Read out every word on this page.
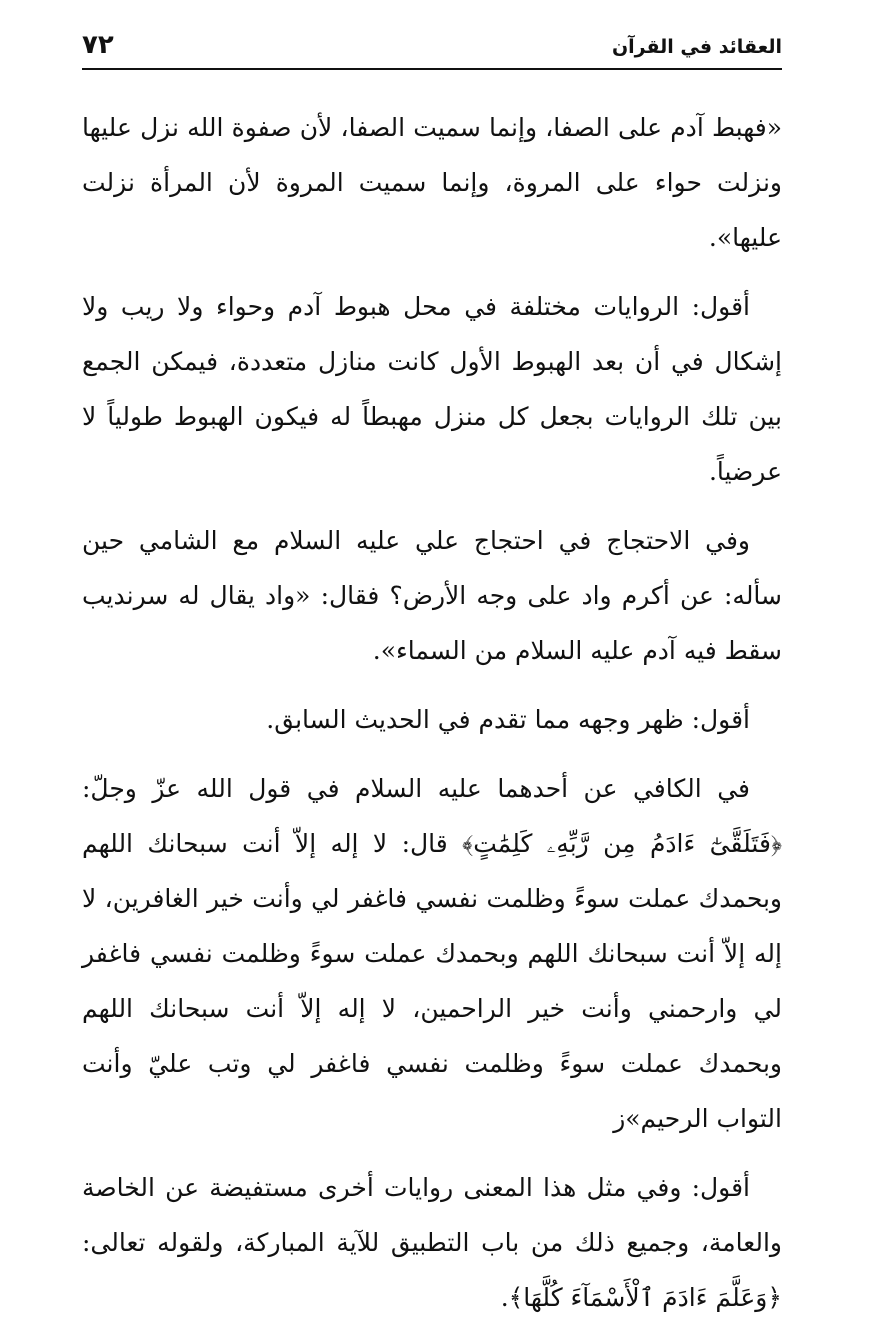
٧٢	العقائد في القرآن

«فهبط آدم على الصفا، وإنما سميت الصفا، لأن صفوة الله نزل عليها ونزلت حواء على المروة، وإنما سميت المروة لأن المرأة نزلت عليها».

أقول: الروايات مختلفة في محل هبوط آدم وحواء ولا ريب ولا إشكال في أن بعد الهبوط الأول كانت منازل متعددة، فيمكن الجمع بين تلك الروايات بجعل كل منزل مهبطاً له فيكون الهبوط طولياً لا عرضياً.

وفي الاحتجاج في احتجاج علي عليه السلام مع الشامي حين سأله: عن أكرم واد على وجه الأرض؟ فقال: «واد يقال له سرنديب سقط فيه آدم عليه السلام من السماء».

أقول: ظهر وجهه مما تقدم في الحديث السابق.

في الكافي عن أحدهما عليه السلام في قول الله عزّ وجلّ: ﴿فَتَلَقَّىٰٓ ءَادَمُ مِن رَّبِّهِۦ كَلِمَٰتٍ﴾ قال: لا إله إلاّ أنت سبحانك اللهم وبحمدك عملت سوءً وظلمت نفسي فاغفر لي وأنت خير الغافرين، لا إله إلاّ أنت سبحانك اللهم وبحمدك عملت سوءً وظلمت نفسي فاغفر لي وارحمني وأنت خير الراحمين، لا إله إلاّ أنت سبحانك اللهم وبحمدك عملت سوءً وظلمت نفسي فاغفر لي وتب عليّ وأنت التواب الرحيم»ز

أقول: وفي مثل هذا المعنى روايات أخرى مستفيضة عن الخاصة والعامة، وجميع ذلك من باب التطبيق للآية المباركة، ولقوله تعالى: ﴿وَعَلَّمَ ءَادَمَ ٱلْأَسْمَآءَ كُلَّهَا﴾.
